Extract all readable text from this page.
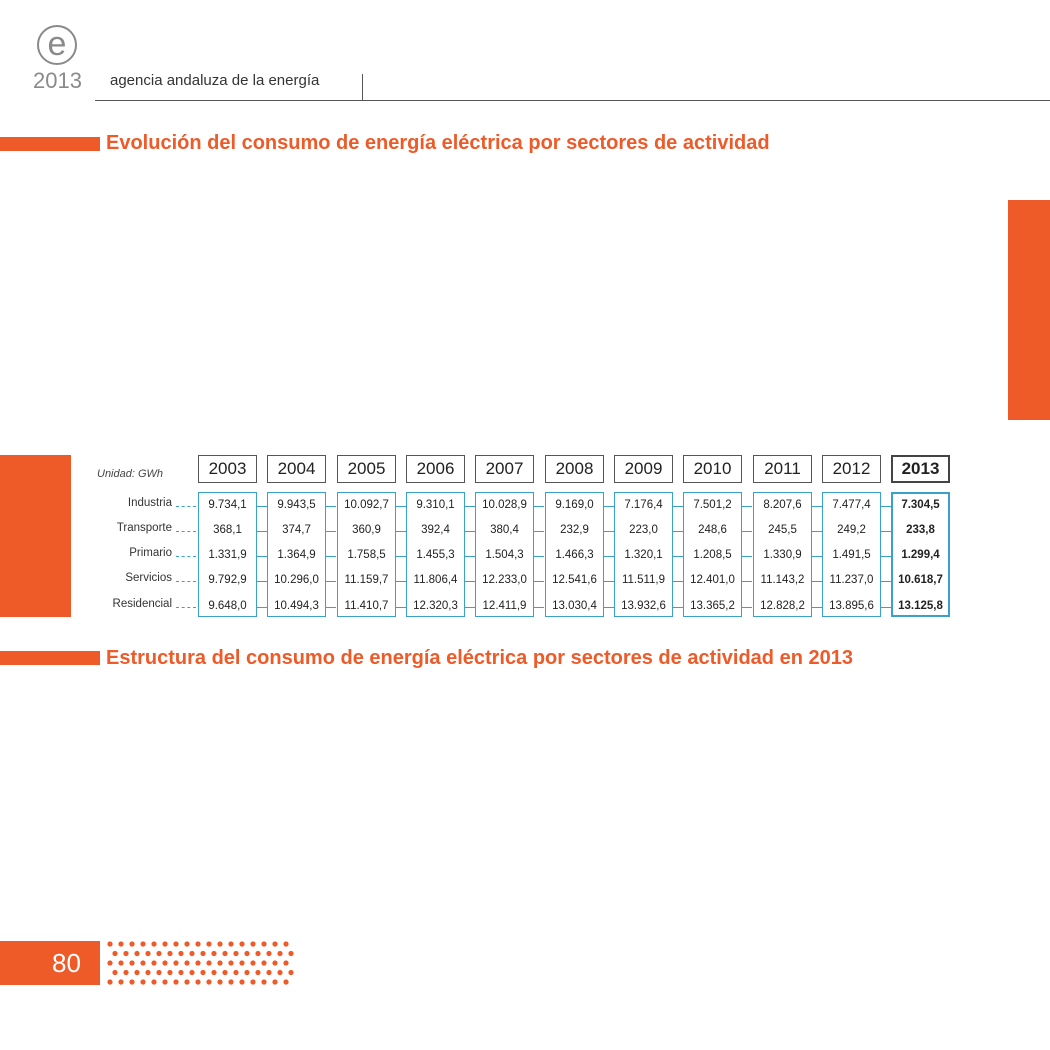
e
2013 agencia andaluza de la energía
Evolución del consumo de energía eléctrica por sectores de actividad
Unidad: GWh	2003	2004	2005	2006	2007	2008	2009	2010	2011	2012	2013
Industria	9.734,1	9.943,5	10.092,7	9.310,1	10.028,9	9.169,0	7.176,4	7.501,2	8.207,6	7.477,4	7.304,5
Transporte	368,1	374,7	360,9	392,4	380,4	232,9	223,0	248,6	245,5	249,2	233,8
Primario	1.331,9	1.364,9	1.758,5	1.455,3	1.504,3	1.466,3	1.320,1	1.208,5	1.330,9	1.491,5	1.299,4
Servicios	9.792,9	10.296,0	11.159,7	11.806,4	12.233,0	12.541,6	11.511,9	12.401,0	11.143,2	11.237,0	10.618,7
Residencial	9.648,0	10.494,3	11.410,7	12.320,3	12.411,9	13.030,4	13.932,6	13.365,2	12.828,2	13.895,6	13.125,8
Estructura del consumo de energía eléctrica por sectores de actividad en 2013
80
